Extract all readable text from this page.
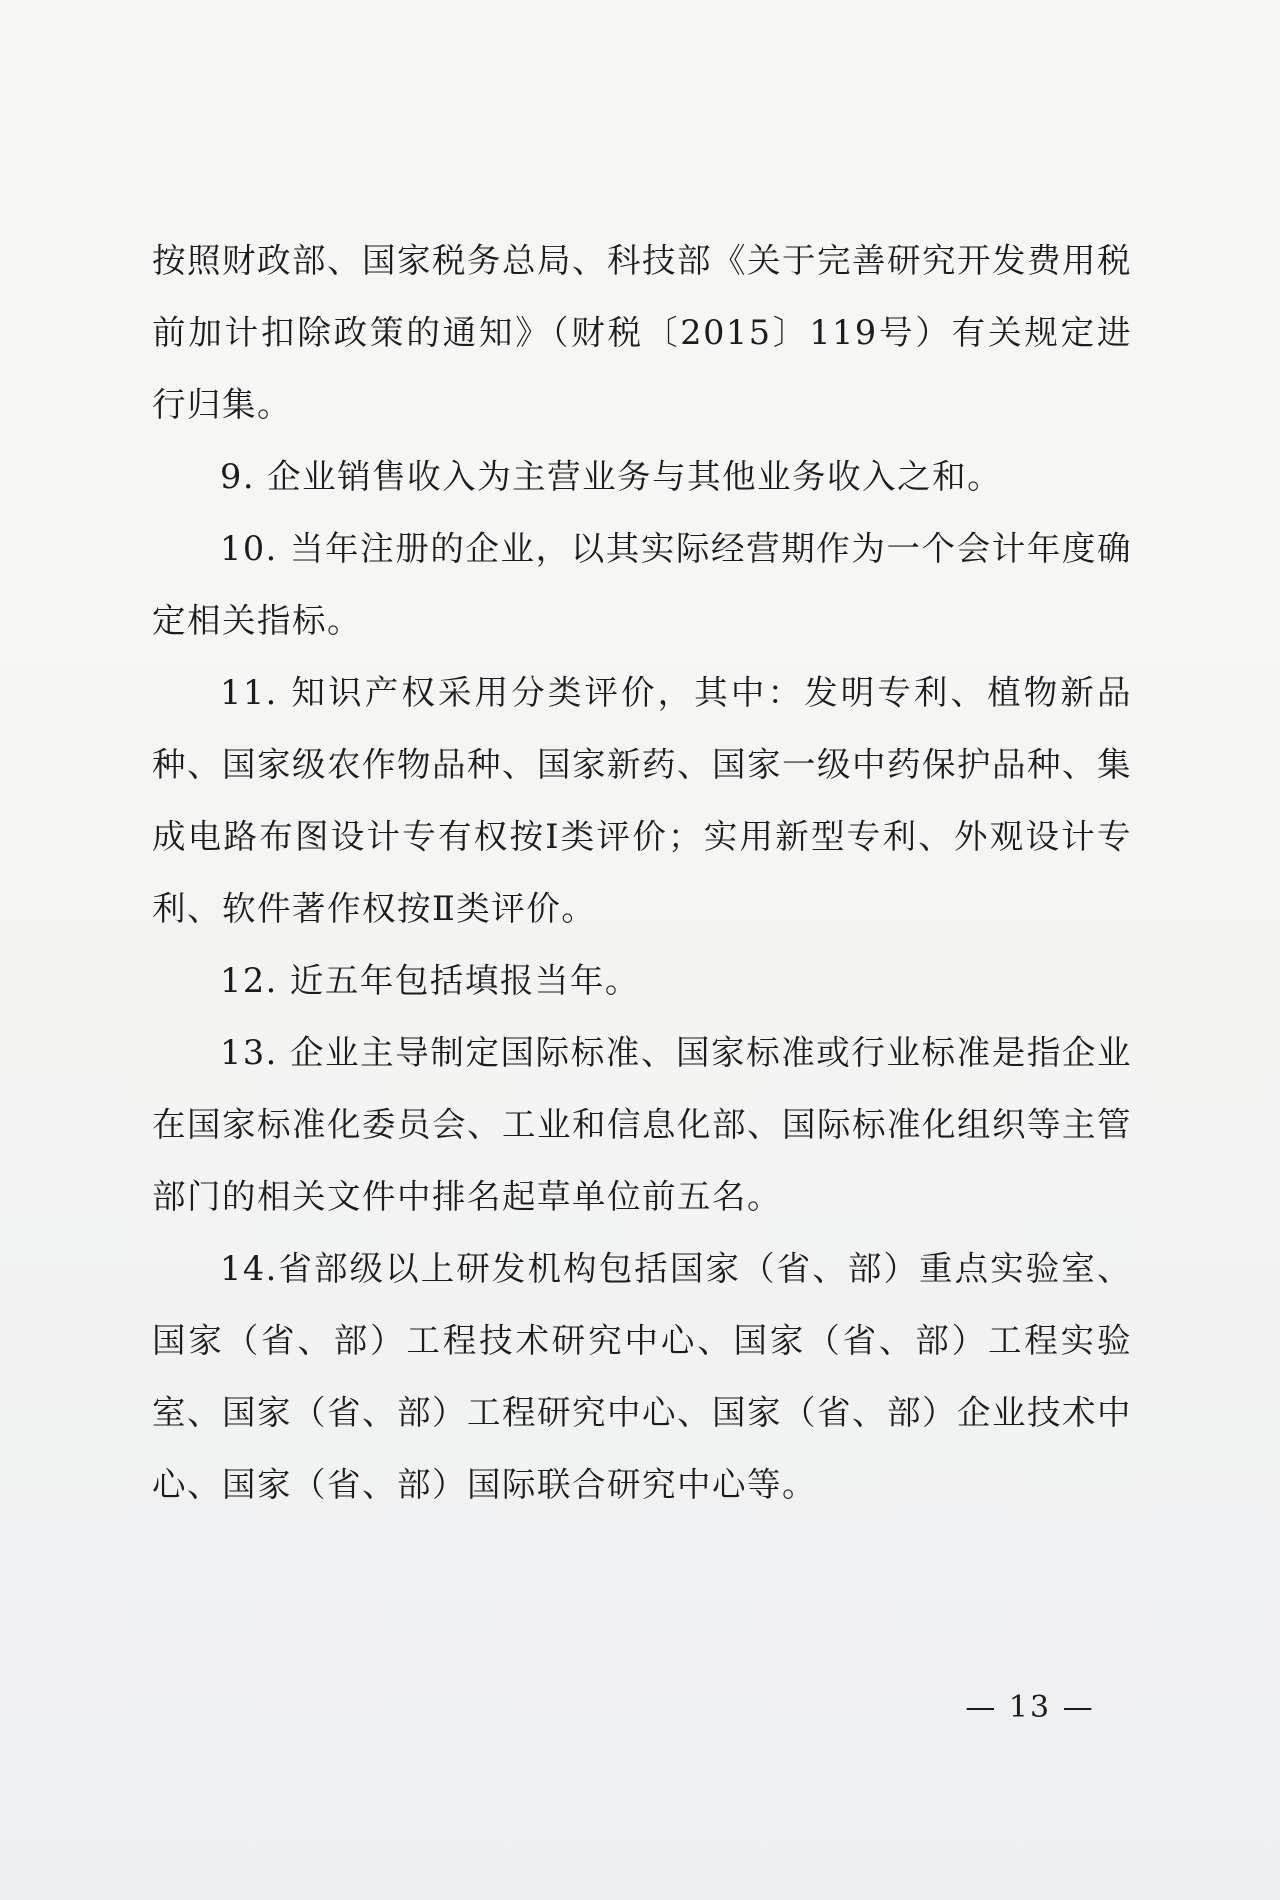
按照财政部、国家税务总局、科技部《关于完善研究开发费用税前加计扣除政策的通知》（财税〔2015〕119号）有关规定进行归集。

9. 企业销售收入为主营业务与其他业务收入之和。

10. 当年注册的企业，以其实际经营期作为一个会计年度确定相关指标。

11. 知识产权采用分类评价，其中：发明专利、植物新品种、国家级农作物品种、国家新药、国家一级中药保护品种、集成电路布图设计专有权按Ⅰ类评价；实用新型专利、外观设计专利、软件著作权按Ⅱ类评价。

12. 近五年包括填报当年。

13. 企业主导制定国际标准、国家标准或行业标准是指企业在国家标准化委员会、工业和信息化部、国际标准化组织等主管部门的相关文件中排名起草单位前五名。

14.省部级以上研发机构包括国家（省、部）重点实验室、国家（省、部）工程技术研究中心、国家（省、部）工程实验室、国家（省、部）工程研究中心、国家（省、部）企业技术中心、国家（省、部）国际联合研究中心等。

— 13 —
